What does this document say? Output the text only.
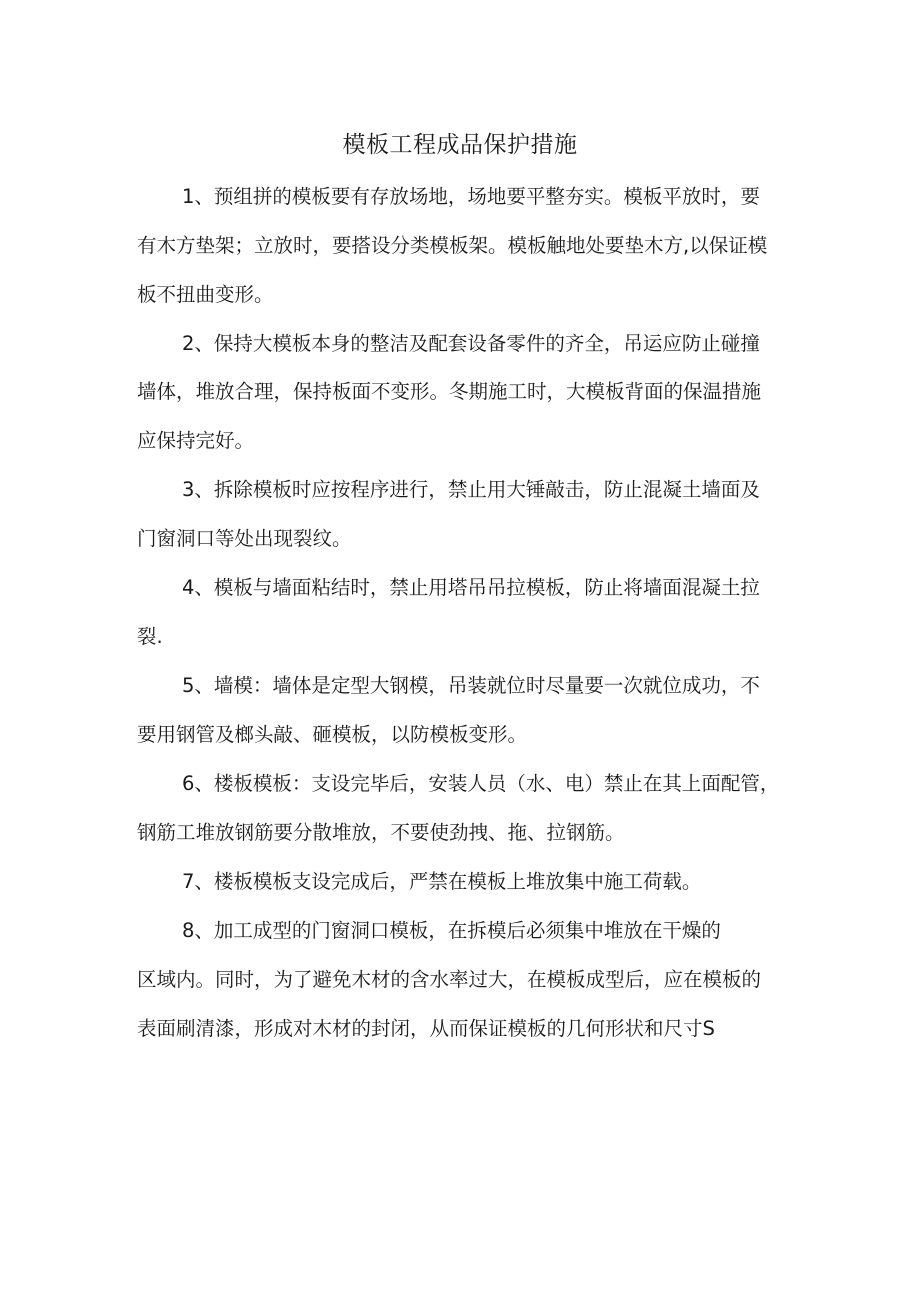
模板工程成品保护措施
1、预组拼的模板要有存放场地，场地要平整夯实。模板平放时，要
有木方垫架；立放时，要搭设分类模板架。模板触地处要垫木方,以保证模
板不扭曲变形。
2、保持大模板本身的整洁及配套设备零件的齐全，吊运应防止碰撞
墙体，堆放合理，保持板面不变形。冬期施工时，大模板背面的保温措施
应保持完好。
3、拆除模板时应按程序进行，禁止用大锤敲击，防止混凝土墙面及
门窗洞口等处出现裂纹。
4、模板与墙面粘结时，禁止用塔吊吊拉模板，防止将墙面混凝土拉
裂.
5、墙模：墙体是定型大钢模，吊装就位时尽量要一次就位成功，不
要用钢管及榔头敲、砸模板，以防模板变形。
6、楼板模板：支设完毕后，安装人员（水、电）禁止在其上面配管，
钢筋工堆放钢筋要分散堆放，不要使劲拽、拖、拉钢筋。
7、楼板模板支设完成后，严禁在模板上堆放集中施工荷载。
8、加工成型的门窗洞口模板，在拆模后必须集中堆放在干燥的
区域内。同时，为了避免木材的含水率过大，在模板成型后，应在模板的
表面刷清漆，形成对木材的封闭，从而保证模板的几何形状和尺寸S
